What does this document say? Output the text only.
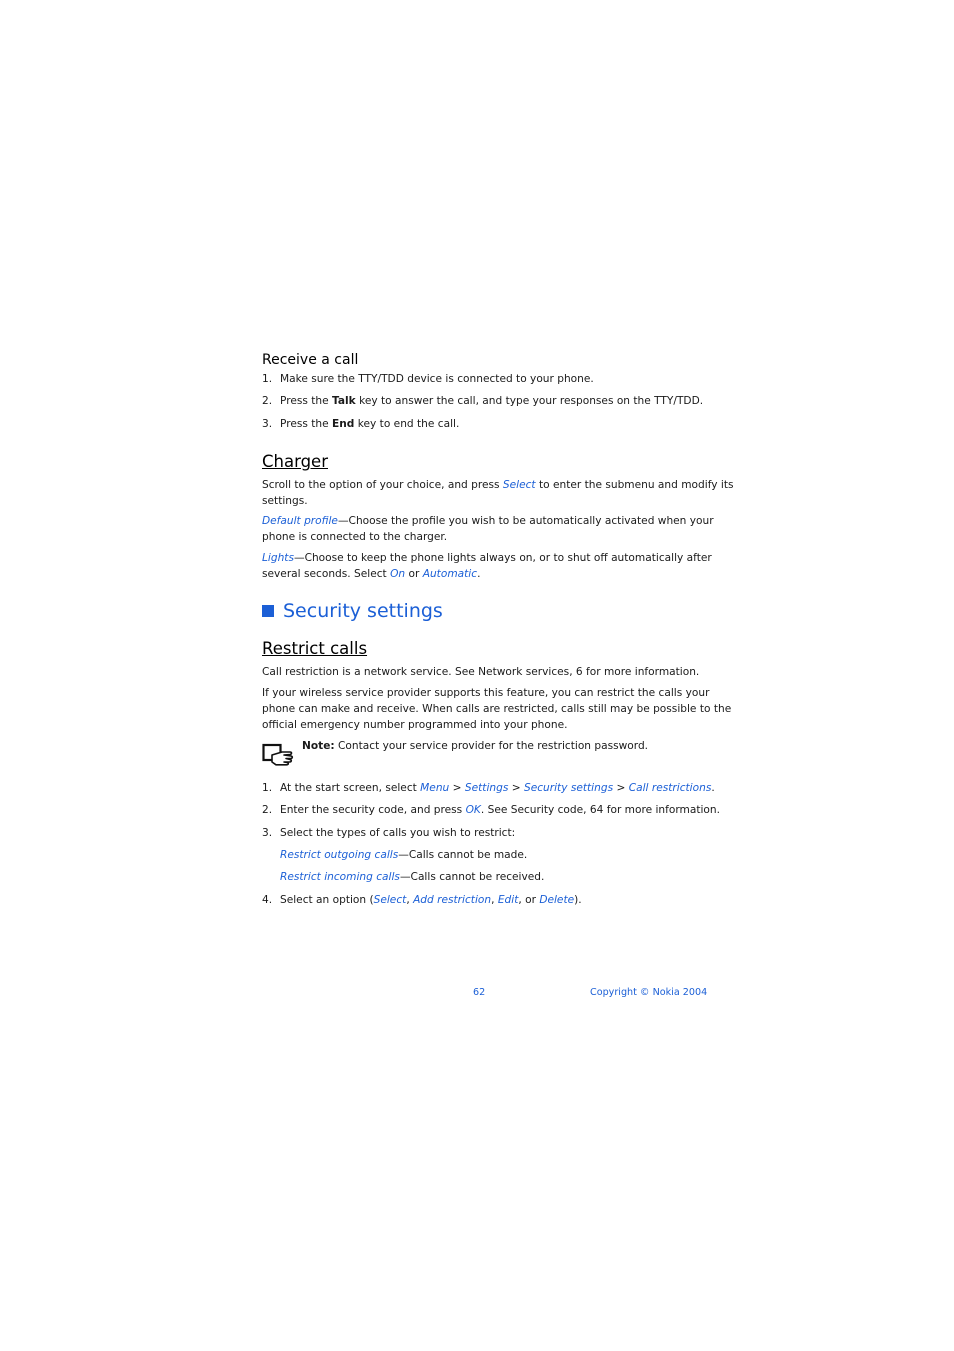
Receive a call

1. Make sure the TTY/TDD device is connected to your phone.

2. Press the Talk key to answer the call, and type your responses on the TTY/TDD.

3. Press the End key to end the call.

Charger

Scroll to the option of your choice, and press Select to enter the submenu and modify its

settings.

Default profile—Choose the profile you wish to be automatically activated when your

phone is connected to the charger.

Lights—Choose to keep the phone lights always on, or to shut off automatically after

several seconds. Select On or Automatic.

Security settings
Restrict calls

Call restriction is a network service. See Network services, 6 for more information.

If your wireless service provider supports this feature, you can restrict the calls your

phone can make and receive. When calls are restricted, calls still may be possible to the

official emergency number programmed into your phone.

Note: Contact your service provider for the restriction password.

1. At the start screen, select Menu > Settings > Security settings > Call restrictions.

2. Enter the security code, and press OK. See Security code, 64 for more information.

3. Select the types of calls you wish to restrict:

Restrict outgoing calls—Calls cannot be made.

Restrict incoming calls—Calls cannot be received.

4. Select an option (Select, Add restriction, Edit, or Delete).

62	Copyright © Nokia 2004
